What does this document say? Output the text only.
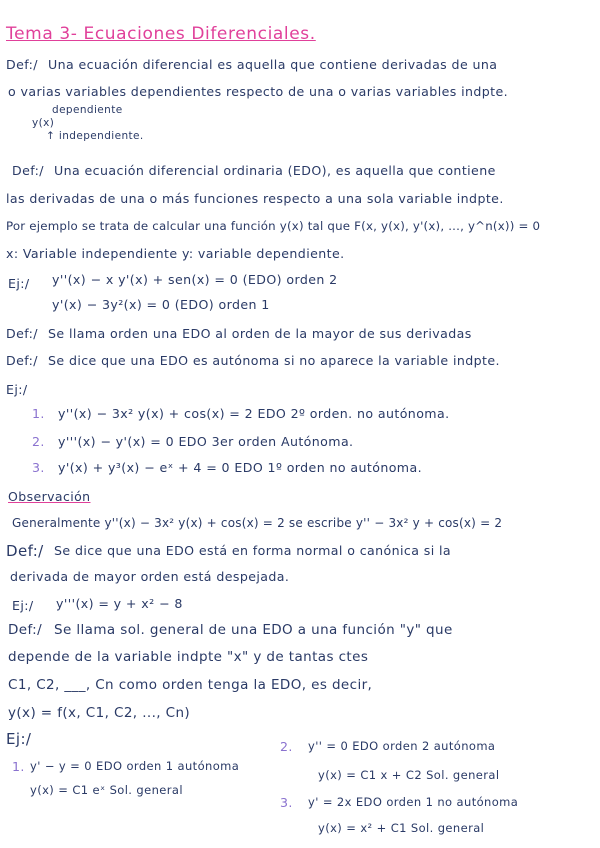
Tema 3- Ecuaciones Diferenciales.
Def:/ Una ecuación diferencial es aquella que contiene derivadas de una
o varias variables dependientes respecto de una o varias variables indpte.
dependiente
y(x)
↑ independiente.
Def:/ Una ecuación diferencial ordinaria (EDO), es aquella que contiene
las derivadas de una o más funciones respecto a una sola variable indpte.
Por ejemplo se trata de calcular una función y(x) tal que F(x, y(x), y'(x), ..., y^n(x)) = 0
x: Variable independiente y: variable dependiente.
Ej:/ y''(x) − x y'(x) + sen(x) = 0 (EDO) orden 2
y'(x) − 3y²(x) = 0 (EDO) orden 1
Def:/ Se llama orden una EDO al orden de la mayor de sus derivadas
Def:/ Se dice que una EDO es autónoma si no aparece la variable indpte.
Ej:/
1. y''(x) − 3x² y(x) + cos(x) = 2 EDO 2º orden. no autónoma.
2. y'''(x) − y'(x) = 0 EDO 3er orden Autónoma.
3. y'(x) + y³(x) − eˣ + 4 = 0 EDO 1º orden no autónoma.
Observación
Generalmente y''(x) − 3x² y(x) + cos(x) = 2 se escribe y'' − 3x² y + cos(x) = 2
Def:/ Se dice que una EDO está en forma normal o canónica si la
derivada de mayor orden está despejada.
Ej:/ y'''(x) = y + x² − 8
Def:/ Se llama sol. general de una EDO a una función "y" que
depende de la variable indpte "x" y de tantas ctes
C1, C2, ___, Cn como orden tenga la EDO, es decir,
y(x) = f(x, C1, C2, ..., Cn)
Ej:/
1. y' − y = 0 EDO orden 1 autónoma
y(x) = C1 eˣ Sol. general
2. y'' = 0 EDO orden 2 autónoma
y(x) = C1 x + C2 Sol. general
3. y' = 2x EDO orden 1 no autónoma
y(x) = x² + C1 Sol. general
